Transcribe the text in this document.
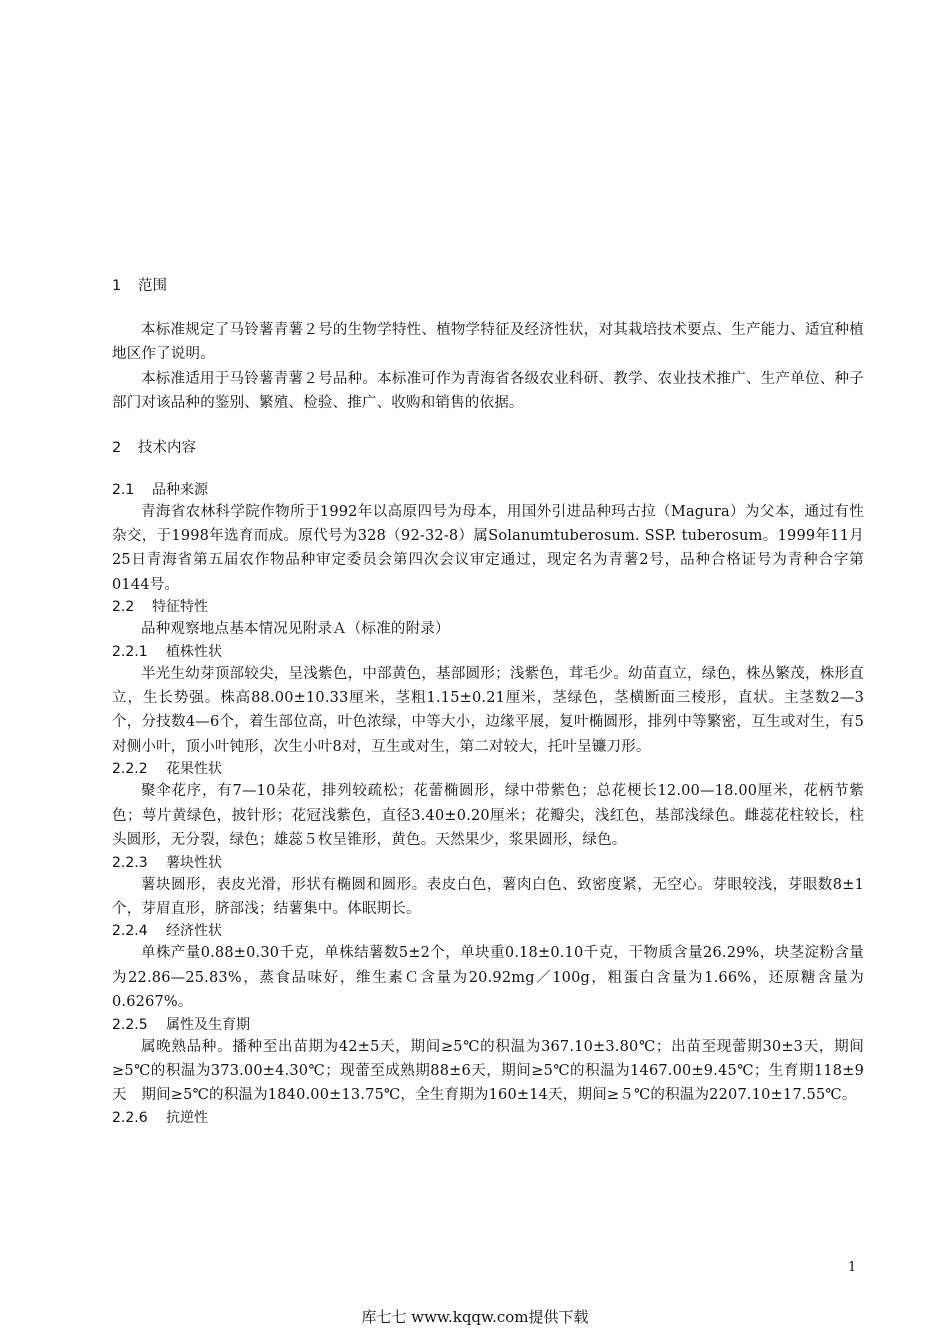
1 范围

本标准规定了马铃薯青薯２号的生物学特性、植物学特征及经济性状，对其栽培技术要点、生产能力、适宜种植地区作了说明。

本标准适用于马铃薯青薯２号品种。本标准可作为青海省各级农业科研、教学、农业技术推广、生产单位、种子部门对该品种的鉴别、繁殖、检验、推广、收购和销售的依据。

2 技术内容
2.1 品种来源

青海省农林科学院作物所于1992年以高原四号为母本，用国外引进品种玛古拉（Magura）为父本，通过有性杂交，于1998年选育而成。原代号为328（92-32-8）属Solanumtuberosum. SSP. tuberosum。1999年11月25日青海省第五届农作物品种审定委员会第四次会议审定通过，现定名为青薯2号，品种合格证号为青种合字第0144号。

2.2 特征特性

品种观察地点基本情况见附录Ａ（标准的附录）

2.2.1 植株性状

半光生幼芽顶部较尖，呈浅紫色，中部黄色，基部圆形；浅紫色，茸毛少。幼苗直立，绿色，株丛繁茂，株形直立，生长势强。株高88.00±10.33厘米，茎粗1.15±0.21厘米，茎绿色，茎横断面三棱形，直状。主茎数2—3个，分技数4—6个，着生部位高，叶色浓绿，中等大小，边缘平展，复叶椭圆形，排列中等繁密，互生或对生，有5对侧小叶，顶小叶钝形，次生小叶8对，互生或对生，第二对较大，托叶呈镰刀形。

2.2.2 花果性状

聚伞花序，有7—10朵花，排列较疏松；花蕾椭圆形，绿中带紫色；总花梗长12.00—18.00厘米，花柄节紫色；萼片黄绿色，披针形；花冠浅紫色，直径3.40±0.20厘米；花瓣尖，浅红色，基部浅绿色。雌蕊花柱较长，柱头圆形，无分裂，绿色；雄蕊５枚呈锥形，黄色。天然果少，浆果圆形，绿色。

2.2.3 薯块性状

薯块圆形，表皮光滑，形状有椭圆和圆形。表皮白色，薯肉白色、致密度紧，无空心。芽眼较浅，芽眼数8±1个，芽眉直形，脐部浅；结薯集中。体眠期长。

2.2.4 经济性状

单株产量0.88±0.30千克，单株结薯数5±2个，单块重0.18±0.10千克，干物质含量26.29%，块茎淀粉含量为22.86—25.83%，蒸食品味好，维生素Ｃ含量为20.92mg／100g，粗蛋白含量为1.66%，还原糖含量为0.6267%。

2.2.5 属性及生育期

属晚熟品种。播种至出苗期为42±5天，期间≥5℃的积温为367.10±3.80℃；出苗至现蕾期30±3天，期间≥5℃的积温为373.00±4.30℃；现蕾至成熟期88±6天，期间≥5℃的积温为1467.00±9.45℃；生育期118±9天　期间≥5℃的积温为1840.00±13.75℃，全生育期为160±14天，期间≥５℃的积温为2207.10±17.55℃。

2.2.6 抗逆性
1
库七七 www.kqqw.com提供下载
